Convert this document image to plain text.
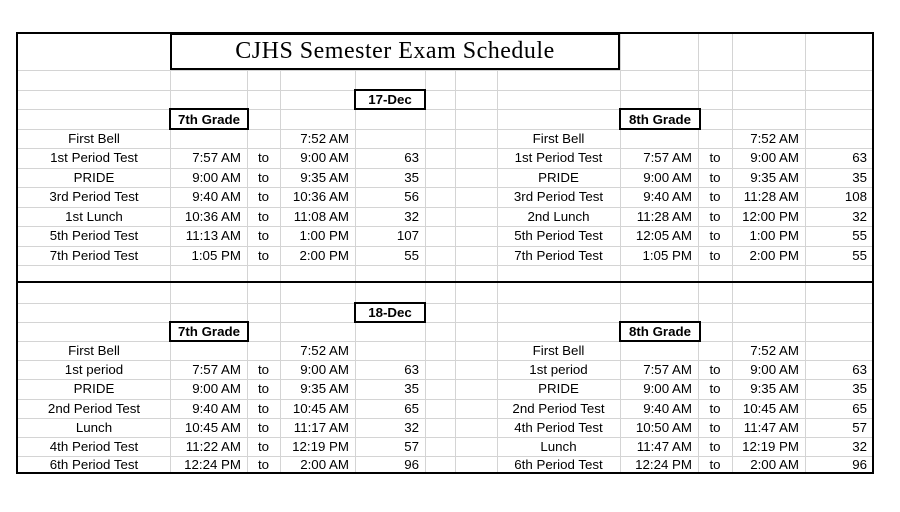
CJHS Semester Exam Schedule
17-Dec
7th Grade	8th Grade
18-Dec
7th Grade	8th Grade
First Bell	7:52 AM
1st Period Test	7:57 AM	to	9:00 AM	63
PRIDE	9:00 AM	to	9:35 AM	35
3rd Period Test	9:40 AM	to	10:36 AM	56
1st Lunch	10:36 AM	to	11:08 AM	32
5th Period Test	11:13 AM	to	1:00 PM	107
7th Period Test	1:05 PM	to	2:00 PM	55
First Bell	7:52 AM
1st Period Test	7:57 AM	to	9:00 AM	63
PRIDE	9:00 AM	to	9:35 AM	35
3rd Period Test	9:40 AM	to	11:28 AM	108
2nd Lunch	11:28 AM	to	12:00 PM	32
5th Period Test	12:05 AM	to	1:00 PM	55
7th Period Test	1:05 PM	to	2:00 PM	55
First Bell	7:52 AM
1st period	7:57 AM	to	9:00 AM	63
PRIDE	9:00 AM	to	9:35 AM	35
2nd Period Test	9:40 AM	to	10:45 AM	65
Lunch	10:45 AM	to	11:17 AM	32
4th Period Test	11:22 AM	to	12:19 PM	57
6th Period Test	12:24 PM	to	2:00 AM	96
First Bell	7:52 AM
1st period	7:57 AM	to	9:00 AM	63
PRIDE	9:00 AM	to	9:35 AM	35
2nd Period Test	9:40 AM	to	10:45 AM	65
4th Period Test	10:50 AM	to	11:47 AM	57
Lunch	11:47 AM	to	12:19 PM	32
6th Period Test	12:24 PM	to	2:00 AM	96
